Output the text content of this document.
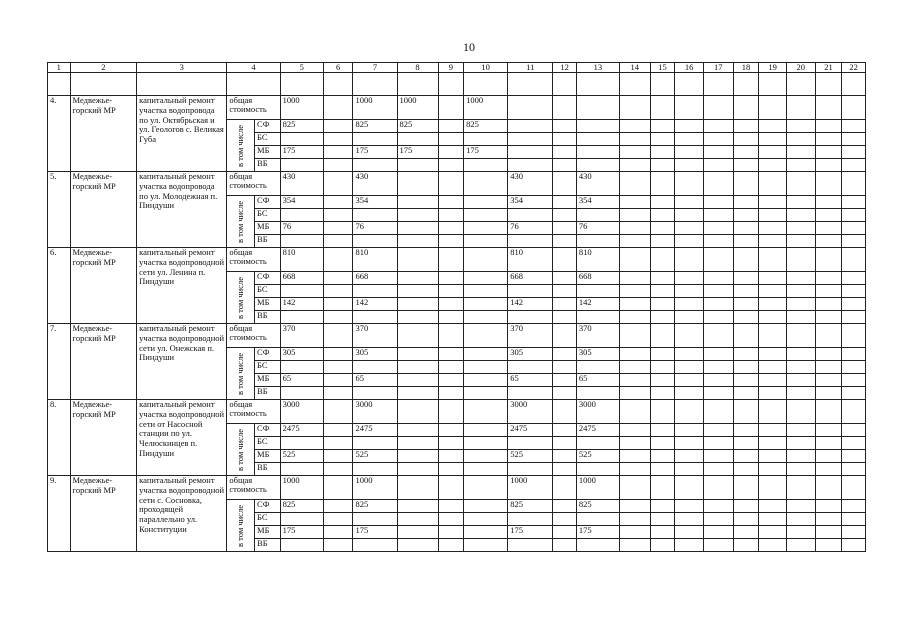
10
1	2	3	4		5	6	7	8	9	10	11	12	13	14	15	16	17	18	19	20	21	22

4.	Медвежье-горский МР	капитальный ремонт участка водопровода по ул. Октябрьская и ул. Геологов с. Великая Губа	общая стоимость		1000		1000	1000		1000												

			в том числе	СФ	825		825	825		825												
				БС																		
				МБ	175		175	175		175												
				ВБ																		
5.	Медвежье-горский МР	капитальный ремонт участка водопровода по ул. Молодежная п. Пиндуши	общая стоимость		430		430				430		430									

			в том числе	СФ	354		354				354		354									
				БС																		
				МБ	76		76				76		76									
				ВБ																		
6.	Медвежье-горский МР	капитальный ремонт участка водопроводной сети ул. Ленина п. Пиндуши	общая стоимость		810		810				810		810									

			в том числе	СФ	668		668				668		668									
				БС																		
				МБ	142		142				142		142									
				ВБ																		
7.	Медвежье-горский МР	капитальный ремонт участка водопроводной сети ул. Онежская п. Пиндуши	общая стоимость		370		370				370		370									

			в том числе	СФ	305		305				305		305									
				БС																		
				МБ	65		65				65		65									
				ВБ																		
8.	Медвежье-горский МР	капитальный ремонт участка водопроводной сети от Насосной станции по ул. Челюскинцев п. Пиндуши	общая стоимость		3000		3000				3000		3000									

			в том числе	СФ	2475		2475				2475		2475									
				БС																		
				МБ	525		525				525		525									
				ВБ																		
9.	Медвежье-горский МР	капитальный ремонт участка водопроводной сети с. Сосновка, проходящей параллельно ул. Конституции	общая стоимость		1000		1000				1000		1000									

			в том числе	СФ	825		825				825		825									
				БС																		
				МБ	175		175				175		175									
				ВБ																		
